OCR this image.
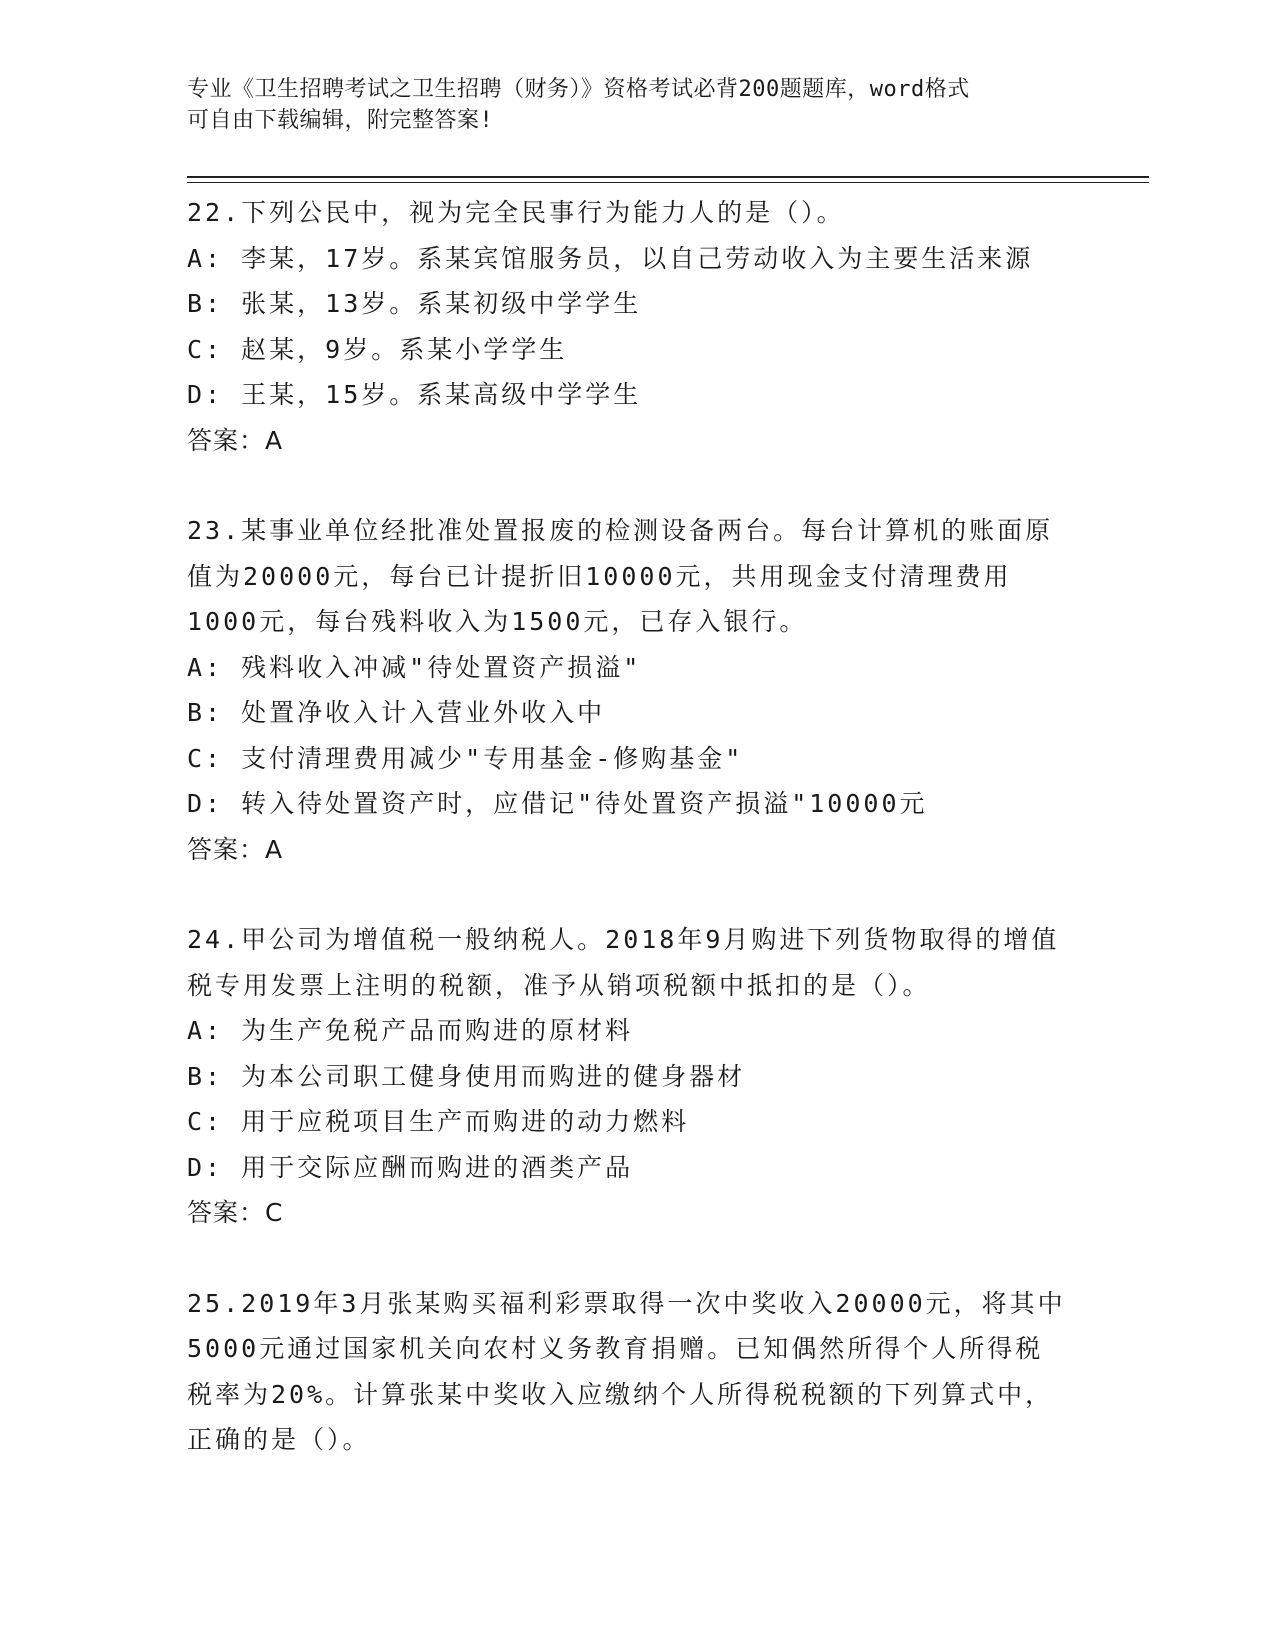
专业《卫生招聘考试之卫生招聘（财务）》资格考试必背200题题库，word格式
可自由下载编辑，附完整答案!
22.下列公民中，视为完全民事行为能力人的是（）。
A: 李某，17岁。系某宾馆服务员，以自己劳动收入为主要生活来源
B: 张某，13岁。系某初级中学学生
C: 赵某，9岁。系某小学学生
D: 王某，15岁。系某高级中学学生
答案：A
23.某事业单位经批准处置报废的检测设备两台。每台计算机的账面原
值为20000元，每台已计提折旧10000元，共用现金支付清理费用
1000元，每台残料收入为1500元，已存入银行。
A: 残料收入冲减"待处置资产损溢"
B: 处置净收入计入营业外收入中
C: 支付清理费用减少"专用基金-修购基金"
D: 转入待处置资产时，应借记"待处置资产损溢"10000元
答案：A
24.甲公司为增值税一般纳税人。2018年9月购进下列货物取得的增值
税专用发票上注明的税额，准予从销项税额中抵扣的是（）。
A: 为生产免税产品而购进的原材料
B: 为本公司职工健身使用而购进的健身器材
C: 用于应税项目生产而购进的动力燃料
D: 用于交际应酬而购进的酒类产品
答案：C
25.2019年3月张某购买福利彩票取得一次中奖收入20000元，将其中
5000元通过国家机关向农村义务教育捐赠。已知偶然所得个人所得税
税率为20%。计算张某中奖收入应缴纳个人所得税税额的下列算式中，
正确的是（）。
